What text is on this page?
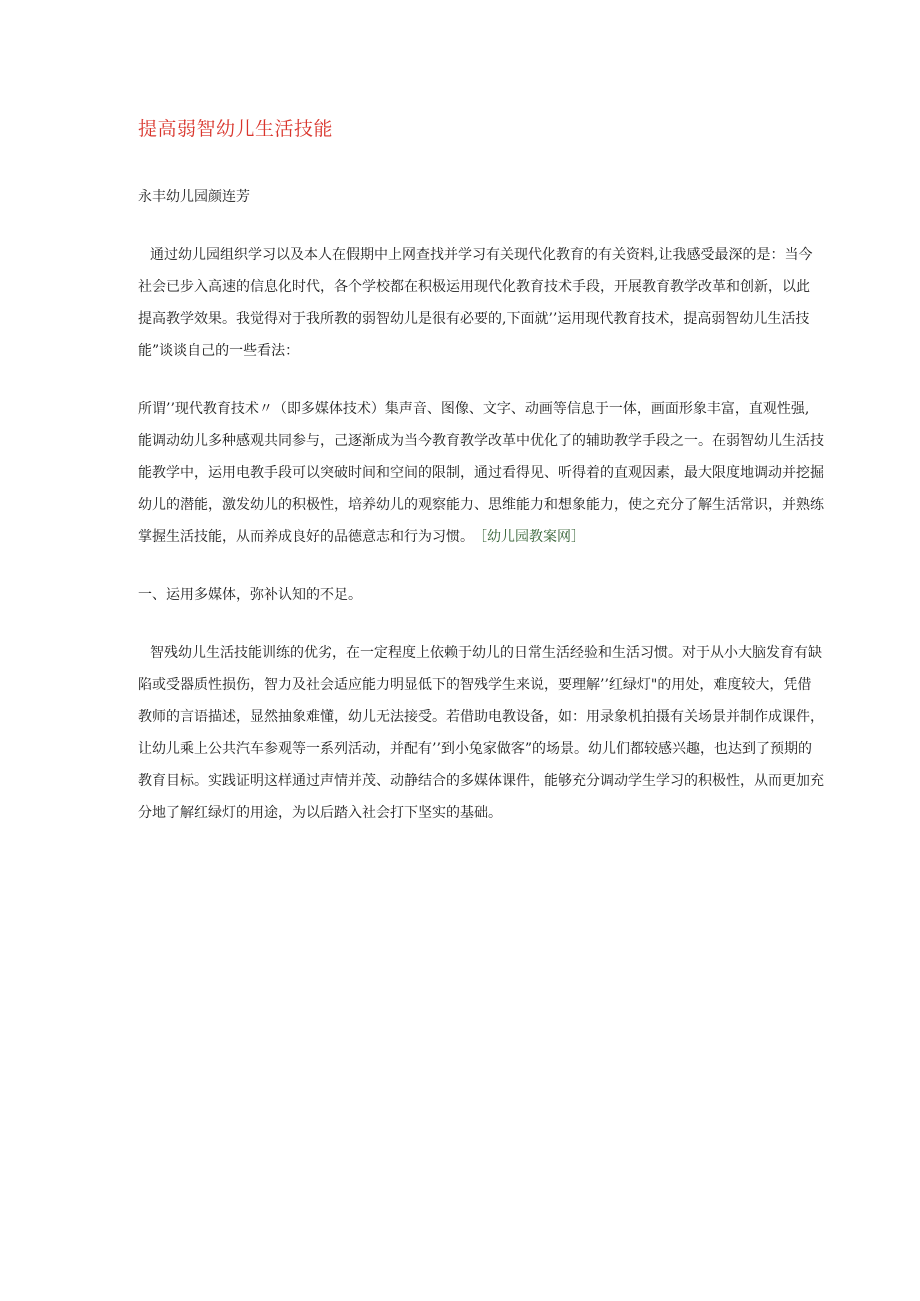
提高弱智幼儿生活技能
永丰幼儿园颜连芳
通过幼儿园组织学习以及本人在假期中上网查找并学习有关现代化教育的有关资料,让我感受最深的是：当今
社会已步入高速的信息化时代，各个学校都在积极运用现代化教育技术手段，开展教育教学改革和创新，以此
提高教学效果。我觉得对于我所教的弱智幼儿是很有必要的,下面就’’运用现代教育技术，提高弱智幼儿生活技
能”谈谈自己的一些看法：
所谓’’现代教育技术〃（即多媒体技术）集声音、图像、文字、动画等信息于一体，画面形象丰富，直观性强,
能调动幼儿多种感观共同参与，己逐渐成为当今教育教学改革中优化了的辅助教学手段之一。在弱智幼儿生活技
能教学中，运用电教手段可以突破时间和空间的限制，通过看得见、听得着的直观因素，最大限度地调动并挖掘
幼儿的潜能，激发幼儿的积极性，培养幼儿的观察能力、思维能力和想象能力，使之充分了解生活常识，并熟练
掌握生活技能，从而养成良好的品德意志和行为习惯。 ［幼儿园教案网］
一、运用多媒体，弥补认知的不足。
智残幼儿生活技能训练的优劣，在一定程度上依赖于幼儿的日常生活经验和生活习惯。对于从小大脑发育有缺
陷或受器质性损伤，智力及社会适应能力明显低下的智残学生来说，要理解’’红绿灯"的用处，难度较大，凭借
教师的言语描述，显然抽象难懂，幼儿无法接受。若借助电教设备，如：用录象机拍摄有关场景并制作成课件，
让幼儿乘上公共汽车参观等一系列活动，并配有’’到小兔家做客”的场景。幼儿们都较感兴趣，也达到了预期的
教育目标。实践证明这样通过声情并茂、动静结合的多媒体课件，能够充分调动学生学习的积极性，从而更加充
分地了解红绿灯的用途，为以后踏入社会打下坚实的基础。
